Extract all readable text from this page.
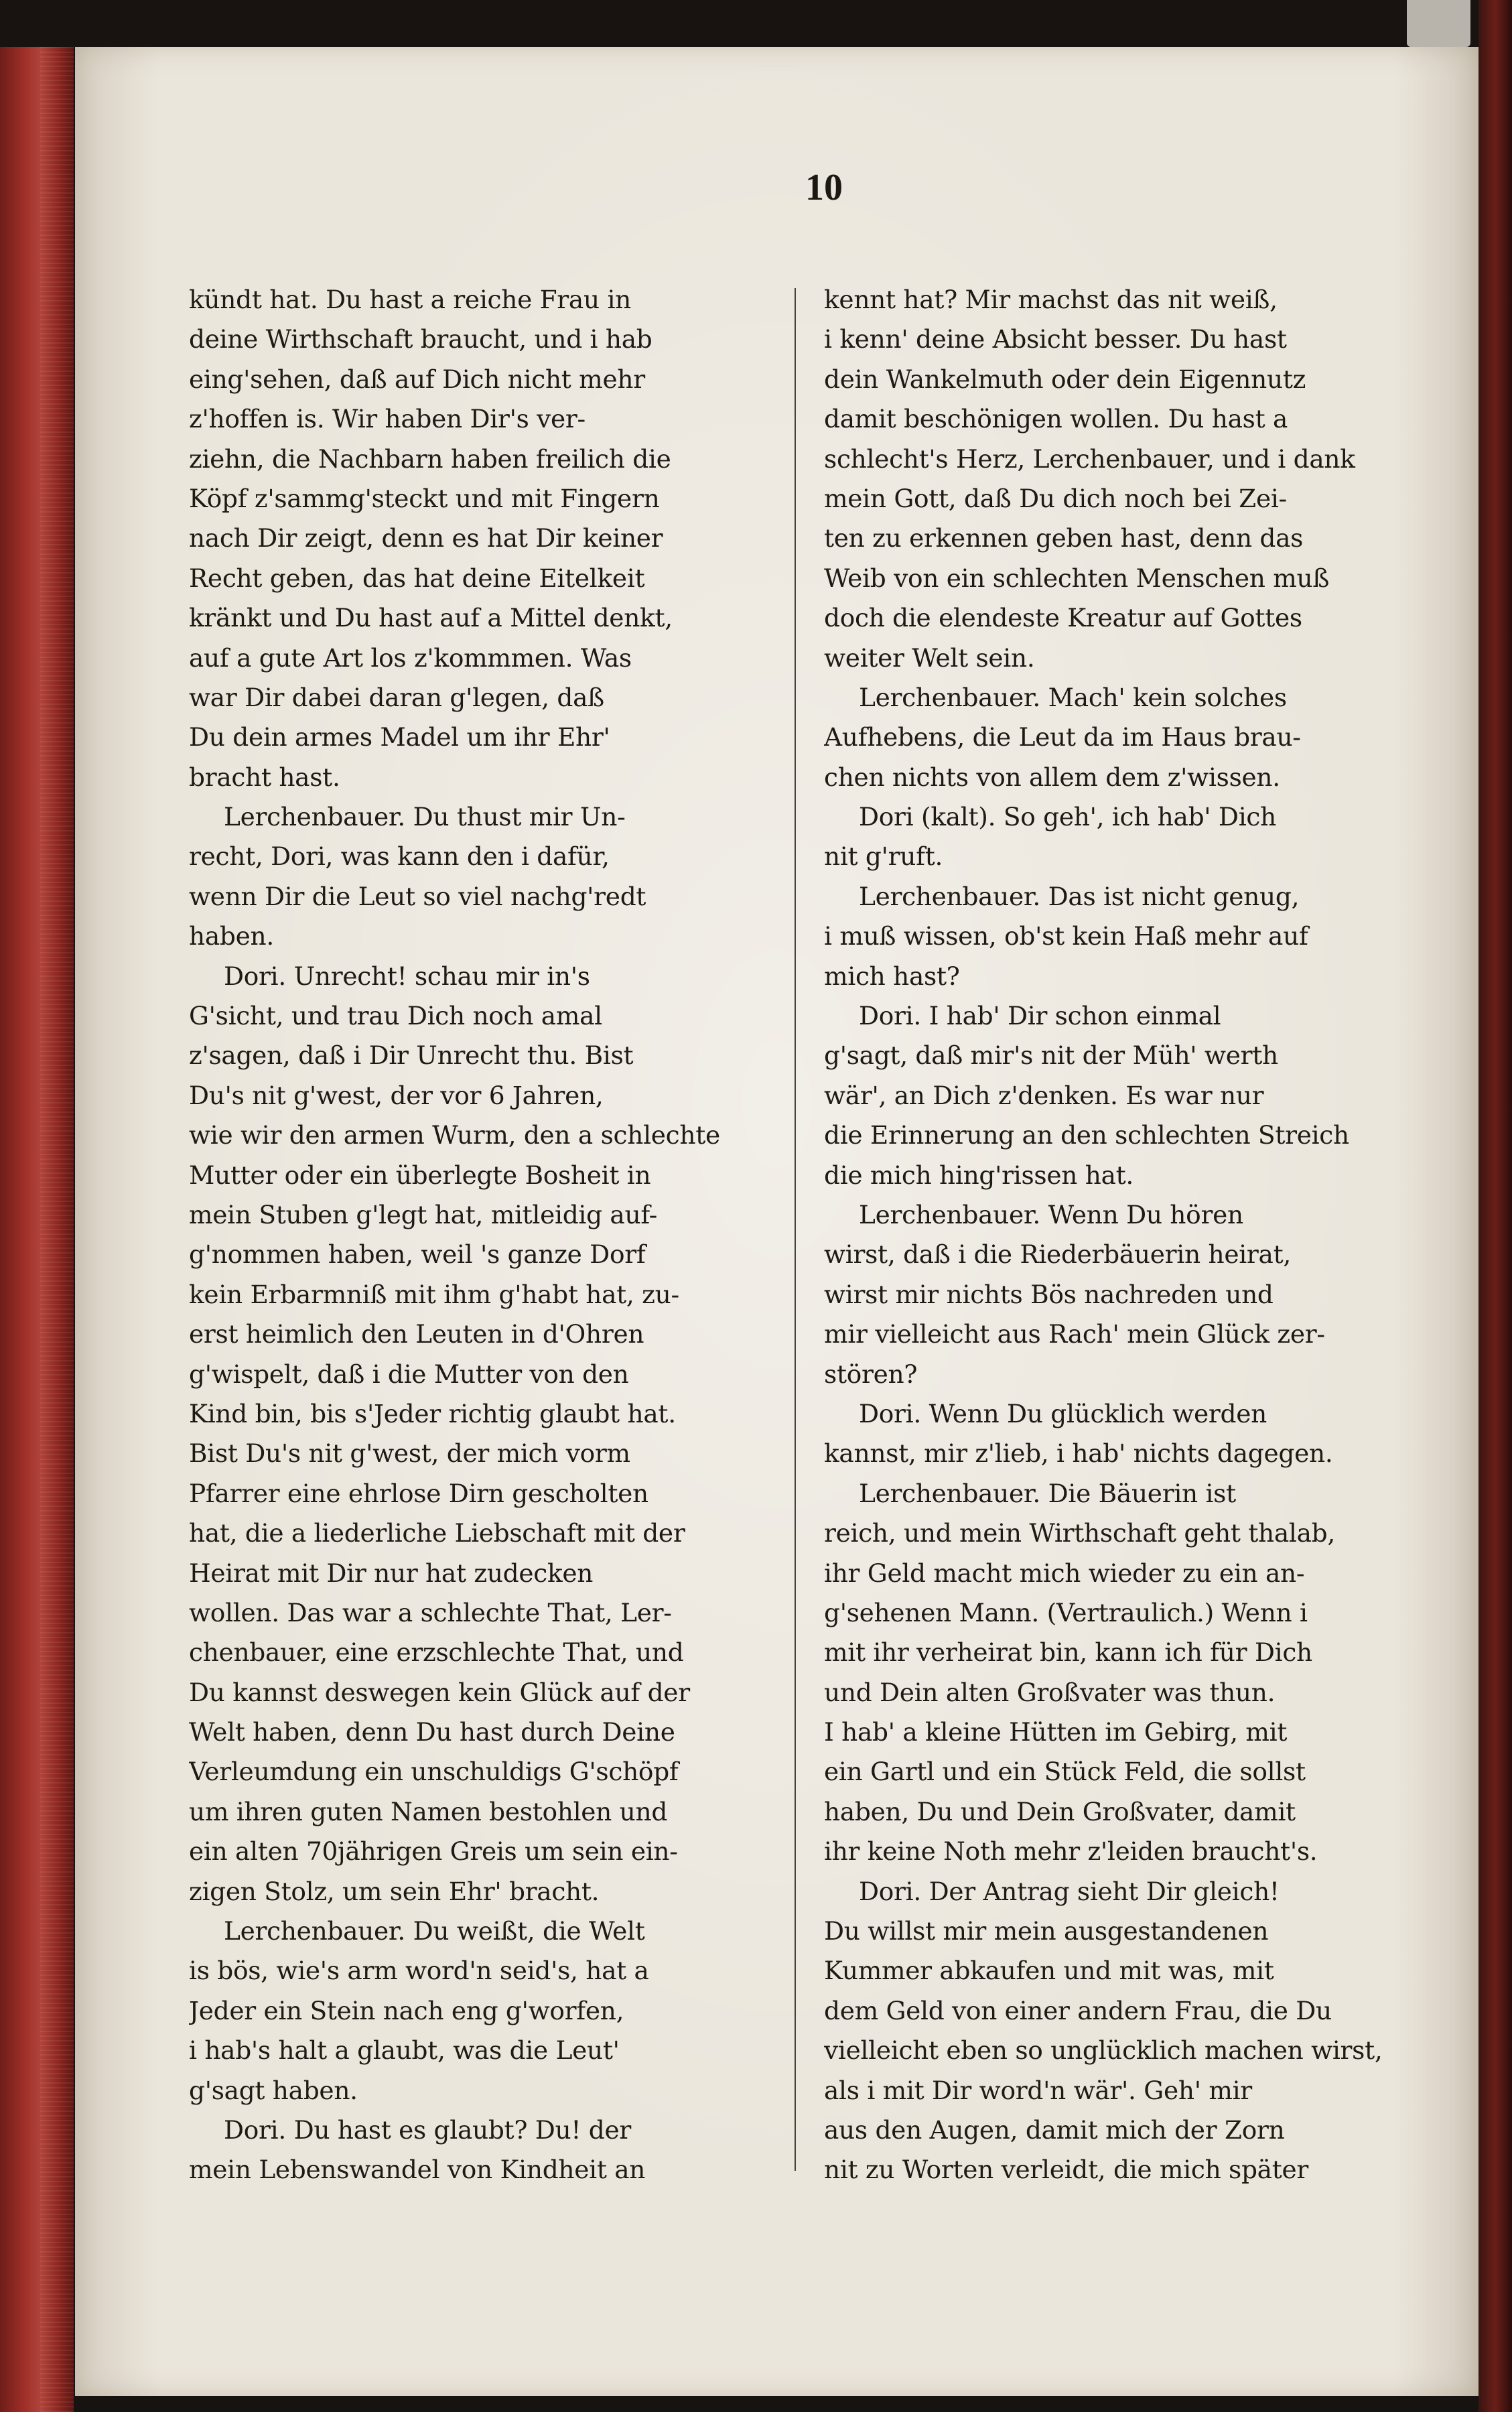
10
kündt hat. Du hast a reiche Frau in
deine Wirthschaft braucht, und i hab
eing'sehen, daß auf Dich nicht mehr
z'hoffen is. Wir haben Dir's ver-
ziehn, die Nachbarn haben freilich die
Köpf z'sammg'steckt und mit Fingern
nach Dir zeigt, denn es hat Dir keiner
Recht geben, das hat deine Eitelkeit
kränkt und Du hast auf a Mittel denkt,
auf a gute Art los z'kommmen. Was
war Dir dabei daran g'legen, daß
Du dein armes Madel um ihr Ehr'
bracht hast.
Lerchenbauer. Du thust mir Un-
recht, Dori, was kann den i dafür,
wenn Dir die Leut so viel nachg'redt
haben.
Dori. Unrecht! schau mir in's
G'sicht, und trau Dich noch amal
z'sagen, daß i Dir Unrecht thu. Bist
Du's nit g'west, der vor 6 Jahren,
wie wir den armen Wurm, den a schlechte
Mutter oder ein überlegte Bosheit in
mein Stuben g'legt hat, mitleidig auf-
g'nommen haben, weil 's ganze Dorf
kein Erbarmniß mit ihm g'habt hat, zu-
erst heimlich den Leuten in d'Ohren
g'wispelt, daß i die Mutter von den
Kind bin, bis s'Jeder richtig glaubt hat.
Bist Du's nit g'west, der mich vorm
Pfarrer eine ehrlose Dirn gescholten
hat, die a liederliche Liebschaft mit der
Heirat mit Dir nur hat zudecken
wollen. Das war a schlechte That, Ler-
chenbauer, eine erzschlechte That, und
Du kannst deswegen kein Glück auf der
Welt haben, denn Du hast durch Deine
Verleumdung ein unschuldigs G'schöpf
um ihren guten Namen bestohlen und
ein alten 70jährigen Greis um sein ein-
zigen Stolz, um sein Ehr' bracht.
Lerchenbauer. Du weißt, die Welt
is bös, wie's arm word'n seid's, hat a
Jeder ein Stein nach eng g'worfen,
i hab's halt a glaubt, was die Leut'
g'sagt haben.
Dori. Du hast es glaubt? Du! der
mein Lebenswandel von Kindheit an
kennt hat? Mir machst das nit weiß,
i kenn' deine Absicht besser. Du hast
dein Wankelmuth oder dein Eigennutz
damit beschönigen wollen. Du hast a
schlecht's Herz, Lerchenbauer, und i dank
mein Gott, daß Du dich noch bei Zei-
ten zu erkennen geben hast, denn das
Weib von ein schlechten Menschen muß
doch die elendeste Kreatur auf Gottes
weiter Welt sein.
Lerchenbauer. Mach' kein solches
Aufhebens, die Leut da im Haus brau-
chen nichts von allem dem z'wissen.
Dori (kalt). So geh', ich hab' Dich
nit g'ruft.
Lerchenbauer. Das ist nicht genug,
i muß wissen, ob'st kein Haß mehr auf
mich hast?
Dori. I hab' Dir schon einmal
g'sagt, daß mir's nit der Müh' werth
wär', an Dich z'denken. Es war nur
die Erinnerung an den schlechten Streich
die mich hing'rissen hat.
Lerchenbauer. Wenn Du hören
wirst, daß i die Riederbäuerin heirat,
wirst mir nichts Bös nachreden und
mir vielleicht aus Rach' mein Glück zer-
stören?
Dori. Wenn Du glücklich werden
kannst, mir z'lieb, i hab' nichts dagegen.
Lerchenbauer. Die Bäuerin ist
reich, und mein Wirthschaft geht thalab,
ihr Geld macht mich wieder zu ein an-
g'sehenen Mann. (Vertraulich.) Wenn i
mit ihr verheirat bin, kann ich für Dich
und Dein alten Großvater was thun.
I hab' a kleine Hütten im Gebirg, mit
ein Gartl und ein Stück Feld, die sollst
haben, Du und Dein Großvater, damit
ihr keine Noth mehr z'leiden braucht's.
Dori. Der Antrag sieht Dir gleich!
Du willst mir mein ausgestandenen
Kummer abkaufen und mit was, mit
dem Geld von einer andern Frau, die Du
vielleicht eben so unglücklich machen wirst,
als i mit Dir word'n wär'. Geh' mir
aus den Augen, damit mich der Zorn
nit zu Worten verleidt, die mich später
